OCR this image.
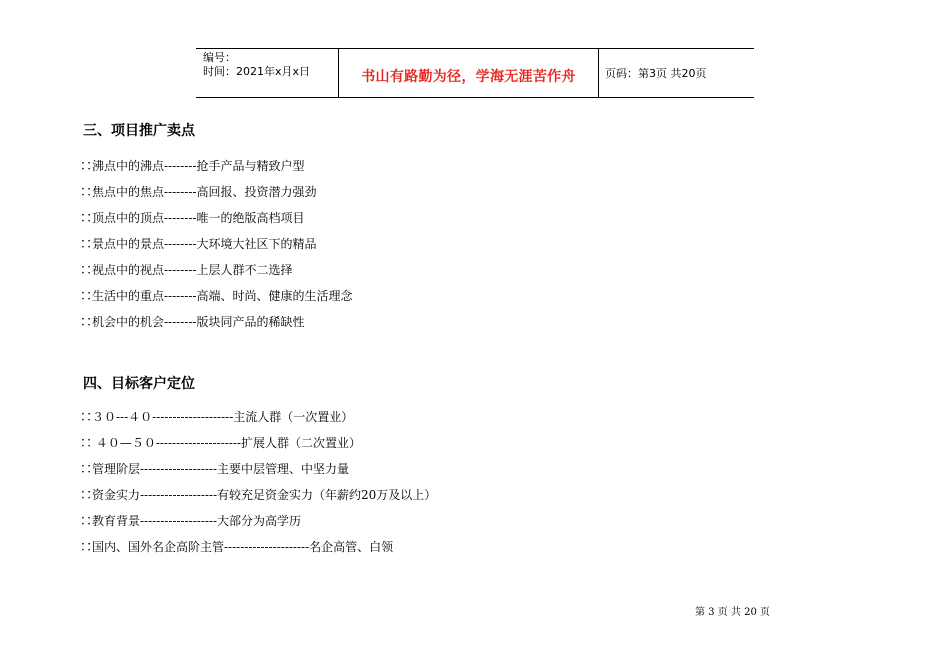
编号：
时间：2021年x月x日	书山有路勤为径，学海无涯苦作舟	页码：第3页 共20页
三、项目推广卖点
∷沸点中的沸点--------抢手产品与精致户型
∷焦点中的焦点--------高回报、投资潜力强劲
∷顶点中的顶点--------唯一的绝版高档项目
∷景点中的景点--------大环境大社区下的精品
∷视点中的视点--------上层人群不二选择
∷生活中的重点--------高端、时尚、健康的生活理念
∷机会中的机会--------版块同产品的稀缺性
四、目标客户定位
∷３０---４０--------------------主流人群（一次置业）
∷ ４０—５０---------------------扩展人群（二次置业）
∷管理阶层-------------------主要中层管理、中坚力量
∷资金实力-------------------有较充足资金实力（年薪约20万及以上）
∷教育背景-------------------大部分为高学历
∷国内、国外名企高阶主管---------------------名企高管、白领
第 3 页 共 20 页
